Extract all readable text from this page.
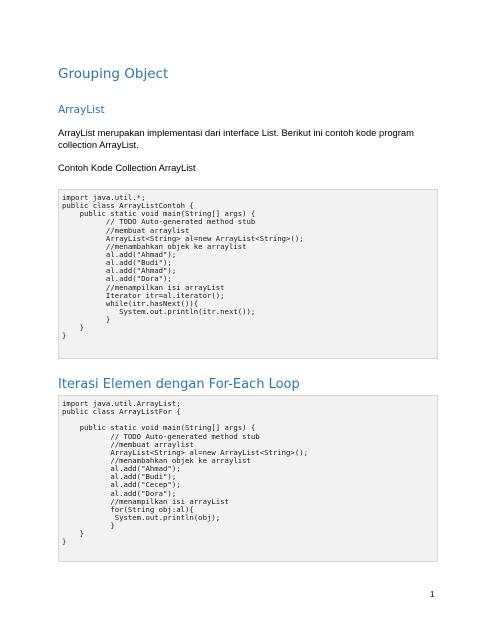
Grouping Object
ArrayList
ArrayList merupakan implementasi dari interface List. Berikut ini contoh kode program collection ArrayList.
Contoh Kode Collection ArrayList
import java.util.*;
public class ArrayListContoh {
public static void main(String[] args) {
// TODO Auto-generated method stub
//membuat arraylist
ArrayList<String> al=new ArrayList<String>();
//menambahkan objek ke arraylist
al.add("Ahmad");
al.add("Budi");
al.add("Ahmad");
al.add("Dora");
//menampilkan isi arrayList
Iterator itr=al.iterator();
while(itr.hasNext()){
System.out.println(itr.next());
}
}
}
Iterasi Elemen dengan For-Each Loop
import java.util.ArrayList;
public class ArrayListFor {
public static void main(String[] args) {
// TODO Auto-generated method stub
//membuat arraylist
ArrayList<String> al=new ArrayList<String>();
//menambahkan objek ke arraylist
al.add("Ahmad");
al.add("Budi");
al.add("Cecep");
al.add("Dora");
//menampilkan isi arrayList
for(String obj:al){
System.out.println(obj);
}
}
}
1
